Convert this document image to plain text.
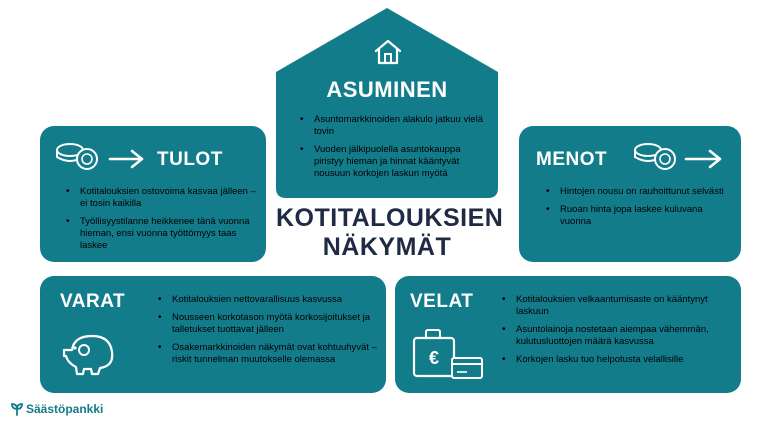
ASUMINEN
• Asuntomarkkinoiden alakulo jatkuu vielä tovin
• Vuoden jälkipuolella asuntokauppa piristyy hieman ja hinnat kääntyvät nousuun korkojen laskun myötä
TULOT
• Kotitalouksien ostovoima kasvaa jälleen – ei tosin kaikilla
• Työllisyystilanne heikkenee tänä vuonna hieman, ensi vuonna työttömyys taas laskee
MENOT
• Hintojen nousu on rauhoittunut selvästi
• Ruoan hinta jopa laskee kuluvana vuonna
KOTITALOUKSIEN
NÄKYMÄT
VARAT
•	Kotitalouksien nettovarallisuus kasvussa
• Nousseen korkotason myötä korkosijoitukset ja talletukset tuottavat jälleen
• Osakemarkkinoiden näkymät ovat kohtuuhyvät – riskit tunnelman muutokselle olemassa
VELAT
€
• Kotitalouksien velkaantumisaste on kääntynyt laskuun
• Asuntolainoja nostetaan aiempaa vähemmän, kulutusluottojen määrä kasvussa
• Korkojen lasku tuo helpotusta velallisille
Säästöpankki
